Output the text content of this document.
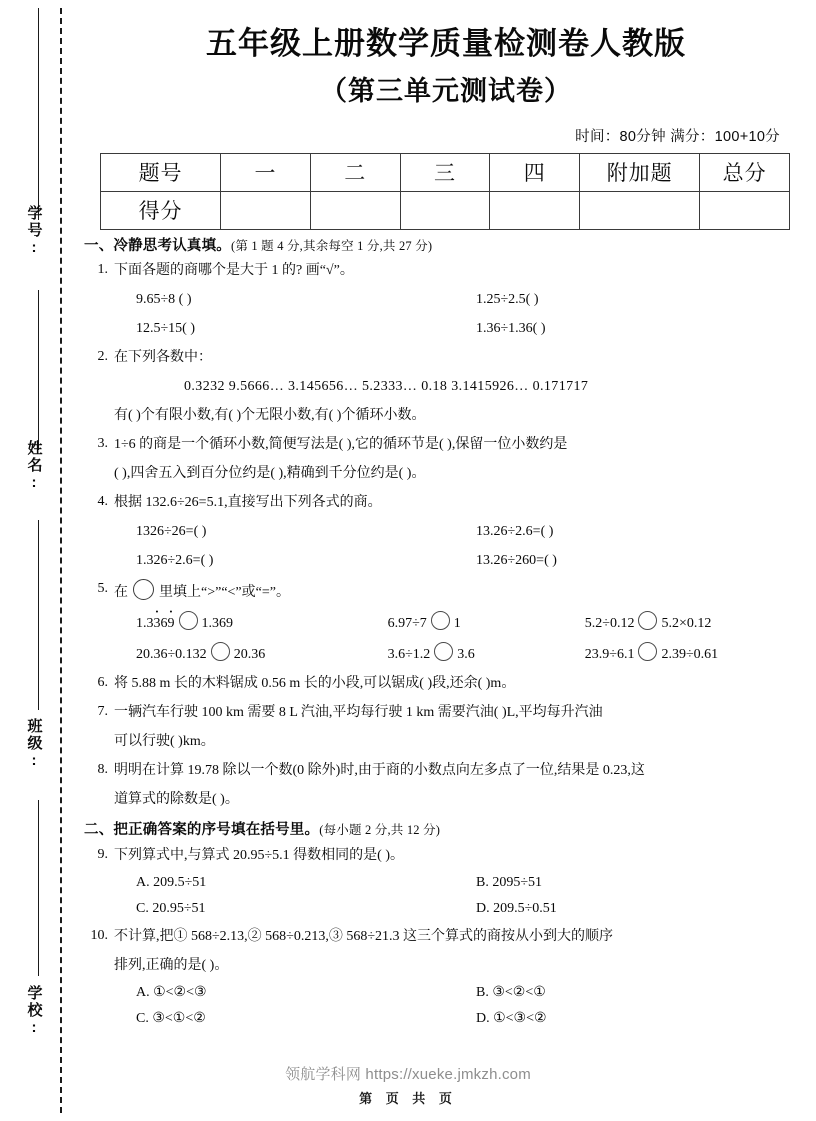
学号:
姓名:
班级:
学校:
五年级上册数学质量检测卷人教版
（第三单元测试卷）
时间：80分钟 满分：100+10分
题号	一	二	三	四	附加题	总分
得分						
一、冷静思考认真填。(第 1 题 4 分,其余每空 1 分,共 27 分)
1. 下面各题的商哪个是大于 1 的? 画“√”。
9.65÷8 ( )	1.25÷2.5( )
12.5÷15( )	1.36÷1.36( )
2. 在下列各数中：
0.3232 9.5666… 3.145656… 5.2333… 0.18 3.1415926… 0.171717
有( )个有限小数,有( )个无限小数,有( )个循环小数。
3. 1÷6 的商是一个循环小数,简便写法是( ),它的循环节是( ),保留一位小数约是
( ),四舍五入到百分位约是( ),精确到千分位约是( )。
4. 根据 132.6÷26=5.1,直接写出下列各式的商。
1326÷26=( )	13.26÷2.6=( )
1.326÷2.6=( )	13.26÷260=( )
5. 在 里填上“>”“<”或“=”。
1.33 ·69 · 1.369	6.97÷7 1	5.2÷0.12 5.2×0.12
20.36÷0.132 20.36	3.6÷1.2 3.6	23.9÷6.1 2.39÷0.61
6. 将 5.88 m 长的木料锯成 0.56 m 长的小段,可以锯成( )段,还余( )m。
7. 一辆汽车行驶 100 km 需要 8 L 汽油,平均每行驶 1 km 需要汽油( )L,平均每升汽油
可以行驶( )km。
8. 明明在计算 19.78 除以一个数(0 除外)时,由于商的小数点向左多点了一位,结果是 0.23,这
道算式的除数是( )。
二、把正确答案的序号填在括号里。(每小题 2 分,共 12 分)
9. 下列算式中,与算式 20.95÷5.1 得数相同的是( )。
A. 209.5÷51	B. 2095÷51
C. 20.95÷51	D. 209.5÷0.51
10. 不计算,把① 568÷2.13,② 568÷0.213,③ 568÷21.3 这三个算式的商按从小到大的顺序
排列,正确的是( )。
A. ①<②<③	B. ③<②<①
C. ③<①<②	D. ①<③<②
领航学科网 https://xueke.jmkzh.com
第 页 共 页
